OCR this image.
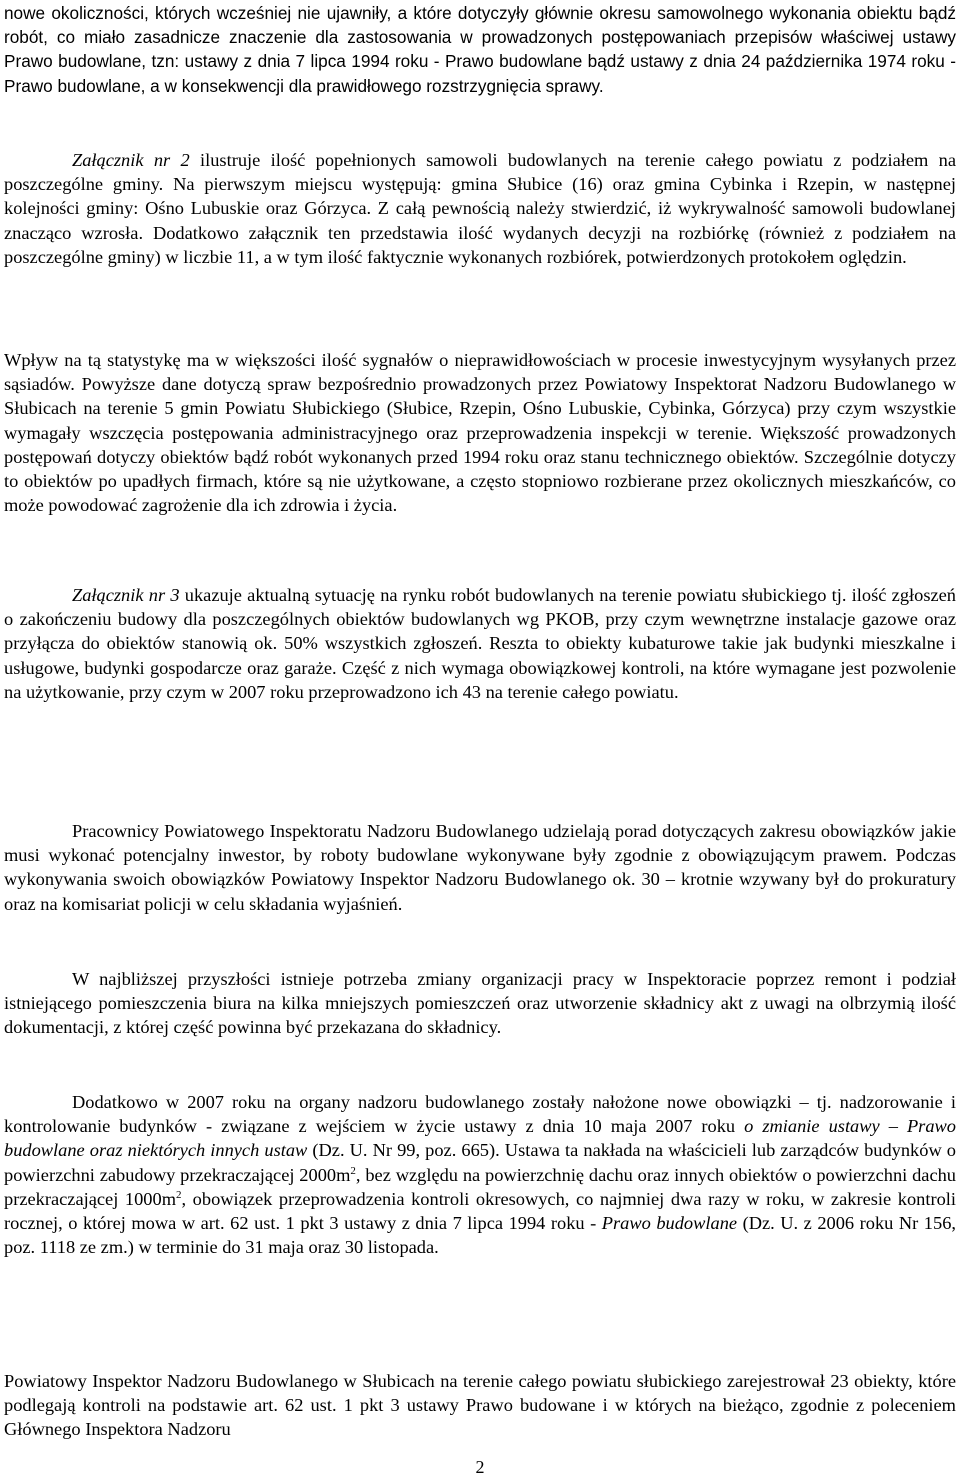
nowe okoliczności, których wcześniej nie ujawniły, a które dotyczyły głównie okresu samowolnego wykonania obiektu bądź robót, co miało zasadnicze znaczenie dla zastosowania w prowadzonych postępowaniach przepisów właściwej ustawy Prawo budowlane, tzn: ustawy z dnia 7 lipca 1994 roku - Prawo budowlane bądź ustawy z dnia 24 października 1974 roku - Prawo budowlane, a w konsekwencji dla prawidłowego rozstrzygnięcia sprawy.

Załącznik nr 2 ilustruje ilość popełnionych samowoli budowlanych na terenie całego powiatu z podziałem na poszczególne gminy. Na pierwszym miejscu występują: gmina Słubice (16) oraz gmina Cybinka i Rzepin, w następnej kolejności gminy: Ośno Lubuskie oraz Górzyca. Z całą pewnością należy stwierdzić, iż wykrywalność samowoli budowlanej znacząco wzrosła. Dodatkowo załącznik ten przedstawia ilość wydanych decyzji na rozbiórkę (również z podziałem na poszczególne gminy) w liczbie 11, a w tym ilość faktycznie wykonanych rozbiórek, potwierdzonych protokołem oględzin.

Wpływ na tą statystykę ma w większości ilość sygnałów o nieprawidłowościach w procesie inwestycyjnym wysyłanych przez sąsiadów. Powyższe dane dotyczą spraw bezpośrednio prowadzonych przez Powiatowy Inspektorat Nadzoru Budowlanego w Słubicach na terenie 5 gmin Powiatu Słubickiego (Słubice, Rzepin, Ośno Lubuskie, Cybinka, Górzyca) przy czym wszystkie wymagały wszczęcia postępowania administracyjnego oraz przeprowadzenia inspekcji w terenie. Większość prowadzonych postępowań dotyczy obiektów bądź robót wykonanych przed 1994 roku oraz stanu technicznego obiektów. Szczególnie dotyczy to obiektów po upadłych firmach, które są nie użytkowane, a często stopniowo rozbierane przez okolicznych mieszkańców, co może powodować zagrożenie dla ich zdrowia i życia.

Załącznik nr 3 ukazuje aktualną sytuację na rynku robót budowlanych na terenie powiatu słubickiego tj. ilość zgłoszeń o zakończeniu budowy dla poszczególnych obiektów budowlanych wg PKOB, przy czym wewnętrzne instalacje gazowe oraz przyłącza do obiektów stanowią ok. 50% wszystkich zgłoszeń. Reszta to obiekty kubaturowe takie jak budynki mieszkalne i usługowe, budynki gospodarcze oraz garaże. Część z nich wymaga obowiązkowej kontroli, na które wymagane jest pozwolenie na użytkowanie, przy czym w 2007 roku przeprowadzono ich 43 na terenie całego powiatu.

Pracownicy Powiatowego Inspektoratu Nadzoru Budowlanego udzielają porad dotyczących zakresu obowiązków jakie musi wykonać potencjalny inwestor, by roboty budowlane wykonywane były zgodnie z obowiązującym prawem. Podczas wykonywania swoich obowiązków Powiatowy Inspektor Nadzoru Budowlanego ok. 30 – krotnie wzywany był do prokuratury oraz na komisariat policji w celu składania wyjaśnień.

W najbliższej przyszłości istnieje potrzeba zmiany organizacji pracy w Inspektoracie poprzez remont i podział istniejącego pomieszczenia biura na kilka mniejszych pomieszczeń oraz utworzenie składnicy akt z uwagi na olbrzymią ilość dokumentacji, z której część powinna być przekazana do składnicy.

Dodatkowo w 2007 roku na organy nadzoru budowlanego zostały nałożone nowe obowiązki – tj. nadzorowanie i kontrolowanie budynków - związane z wejściem w życie ustawy z dnia 10 maja 2007 roku o zmianie ustawy – Prawo budowlane oraz niektórych innych ustaw (Dz. U. Nr 99, poz. 665). Ustawa ta nakłada na właścicieli lub zarządców budynków o powierzchni zabudowy przekraczającej $2000m^2$, bez względu na powierzchnię dachu oraz innych obiektów o powierzchni dachu przekraczającej $1000m^2$, obowiązek przeprowadzenia kontroli okresowych, co najmniej dwa razy w roku, w zakresie kontroli rocznej, o której mowa w art. 62 ust. 1 pkt 3 ustawy z dnia 7 lipca 1994 roku - Prawo budowlane (Dz. U. z 2006 roku Nr 156, poz. 1118 ze zm.) w terminie do 31 maja oraz 30 listopada.

Powiatowy Inspektor Nadzoru Budowlanego w Słubicach na terenie całego powiatu słubickiego zarejestrował 23 obiekty, które podlegają kontroli na podstawie art. 62 ust. 1 pkt 3 ustawy Prawo budowane i w których na bieżąco, zgodnie z poleceniem Głównego Inspektora Nadzoru

2
